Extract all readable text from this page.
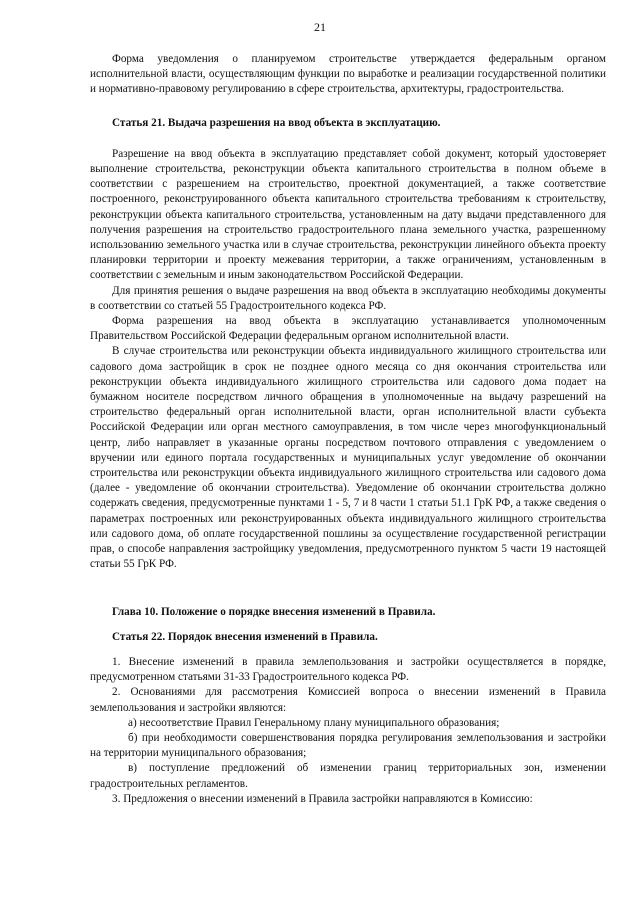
21

Форма уведомления о планируемом строительстве утверждается федеральным органом исполнительной власти, осуществляющим функции по выработке и реализации государственной политики и нормативно-правовому регулированию в сфере строительства, архитектуры, градостроительства.

Статья 21. Выдача разрешения на ввод объекта в эксплуатацию.

Разрешение на ввод объекта в эксплуатацию представляет собой документ, который удостоверяет выполнение строительства, реконструкции объекта капитального строительства в полном объеме в соответствии с разрешением на строительство, проектной документацией, а также соответствие построенного, реконструированного объекта капитального строительства требованиям к строительству, реконструкции объекта капитального строительства, установленным на дату выдачи представленного для получения разрешения на строительство градостроительного плана земельного участка, разрешенному использованию земельного участка или в случае строительства, реконструкции линейного объекта проекту планировки территории и проекту межевания территории, а также ограничениям, установленным в соответствии с земельным и иным законодательством Российской Федерации.

Для принятия решения о выдаче разрешения на ввод объекта в эксплуатацию необходимы документы в соответствии со статьей 55 Градостроительного кодекса РФ.

Форма разрешения на ввод объекта в эксплуатацию устанавливается уполномоченным Правительством Российской Федерации федеральным органом исполнительной власти.

В случае строительства или реконструкции объекта индивидуального жилищного строительства или садового дома застройщик в срок не позднее одного месяца со дня окончания строительства или реконструкции объекта индивидуального жилищного строительства или садового дома подает на бумажном носителе посредством личного обращения в уполномоченные на выдачу разрешений на строительство федеральный орган исполнительной власти, орган исполнительной власти субъекта Российской Федерации или орган местного самоуправления, в том числе через многофункциональный центр, либо направляет в указанные органы посредством почтового отправления с уведомлением о вручении или единого портала государственных и муниципальных услуг уведомление об окончании строительства или реконструкции объекта индивидуального жилищного строительства или садового дома (далее - уведомление об окончании строительства). Уведомление об окончании строительства должно содержать сведения, предусмотренные пунктами 1 - 5, 7 и 8 части 1 статьи 51.1 ГрК РФ, а также сведения о параметрах построенных или реконструированных объекта индивидуального жилищного строительства или садового дома, об оплате государственной пошлины за осуществление государственной регистрации прав, о способе направления застройщику уведомления, предусмотренного пунктом 5 части 19 настоящей статьи 55 ГрК РФ.

Глава 10. Положение о порядке внесения изменений в Правила.

Статья 22. Порядок внесения изменений в Правила.

1. Внесение изменений в правила землепользования и застройки осуществляется в порядке, предусмотренном статьями 31-33 Градостроительного кодекса РФ.

2. Основаниями для рассмотрения Комиссией вопроса о внесении изменений в Правила землепользования и застройки являются:

а) несоответствие Правил Генеральному плану муниципального образования;

б) при необходимости совершенствования порядка регулирования землепользования и застройки на территории муниципального образования;

в) поступление предложений об изменении границ территориальных зон, изменении градостроительных регламентов.

3. Предложения о внесении изменений в Правила застройки направляются в Комиссию:
